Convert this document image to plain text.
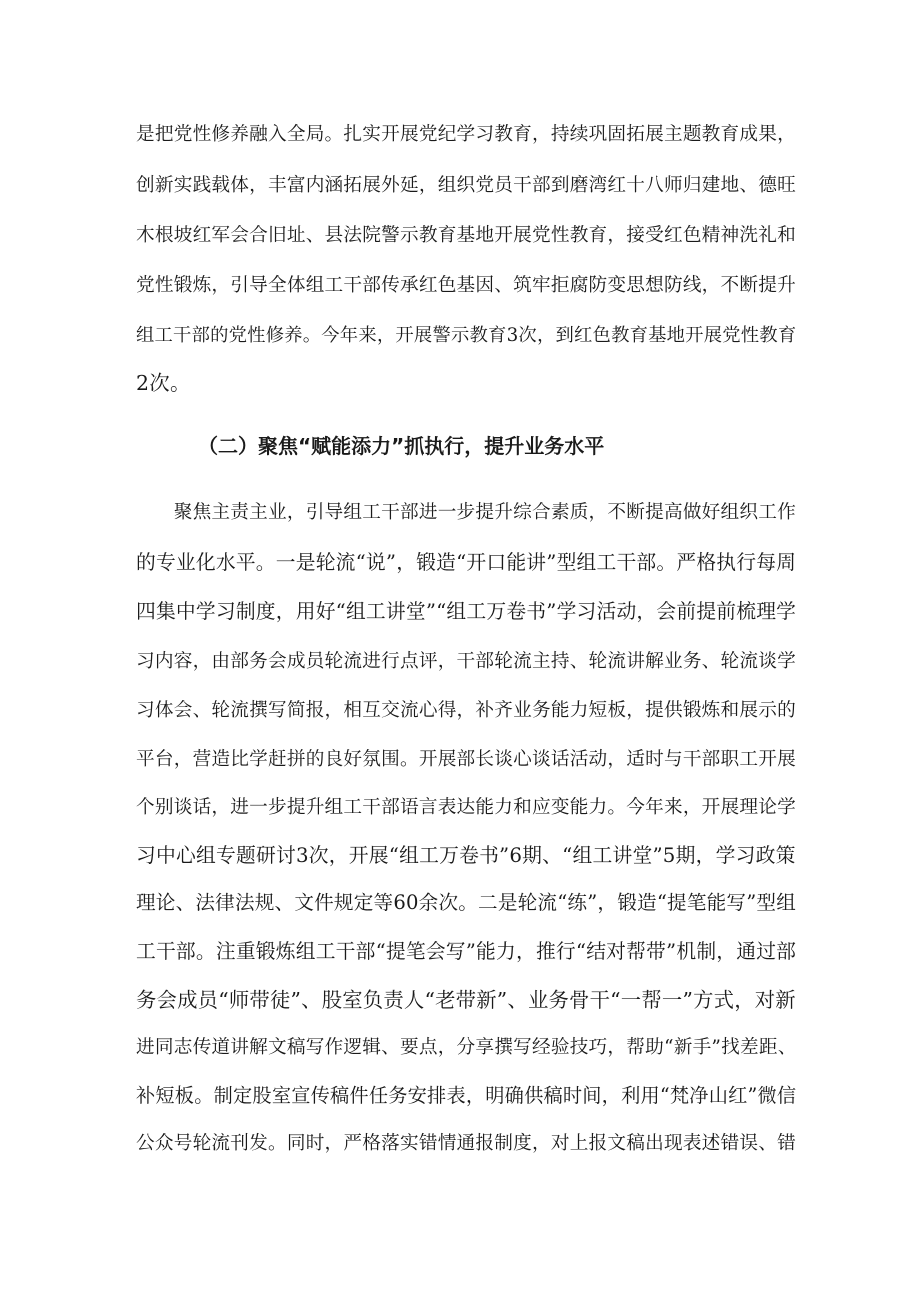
是把党性修养融入全局。扎实开展党纪学习教育，持续巩固拓展主题教育成果，
创新实践载体，丰富内涵拓展外延，组织党员干部到磨湾红十八师归建地、德旺
木根坡红军会合旧址、县法院警示教育基地开展党性教育，接受红色精神洗礼和
党性锻炼，引导全体组工干部传承红色基因、筑牢拒腐防变思想防线，不断提升
组工干部的党性修养。今年来，开展警示教育3次，到红色教育基地开展党性教育
2次。
（二）聚焦“赋能添力”抓执行，提升业务水平
　　聚焦主责主业，引导组工干部进一步提升综合素质，不断提高做好组织工作
的专业化水平。一是轮流“说”，锻造“开口能讲”型组工干部。严格执行每周
四集中学习制度，用好“组工讲堂”“组工万卷书”学习活动，会前提前梳理学
习内容，由部务会成员轮流进行点评，干部轮流主持、轮流讲解业务、轮流谈学
习体会、轮流撰写简报，相互交流心得，补齐业务能力短板，提供锻炼和展示的
平台，营造比学赶拼的良好氛围。开展部长谈心谈话活动，适时与干部职工开展
个别谈话，进一步提升组工干部语言表达能力和应变能力。今年来，开展理论学
习中心组专题研讨3次，开展“组工万卷书”6期、“组工讲堂”5期，学习政策
理论、法律法规、文件规定等60余次。二是轮流“练”，锻造“提笔能写”型组
工干部。注重锻炼组工干部“提笔会写”能力，推行“结对帮带”机制，通过部
务会成员“师带徒”、股室负责人“老带新”、业务骨干“一帮一”方式，对新
进同志传道讲解文稿写作逻辑、要点，分享撰写经验技巧，帮助“新手”找差距、
补短板。制定股室宣传稿件任务安排表，明确供稿时间，利用“梵净山红”微信
公众号轮流刊发。同时，严格落实错情通报制度，对上报文稿出现表述错误、错
